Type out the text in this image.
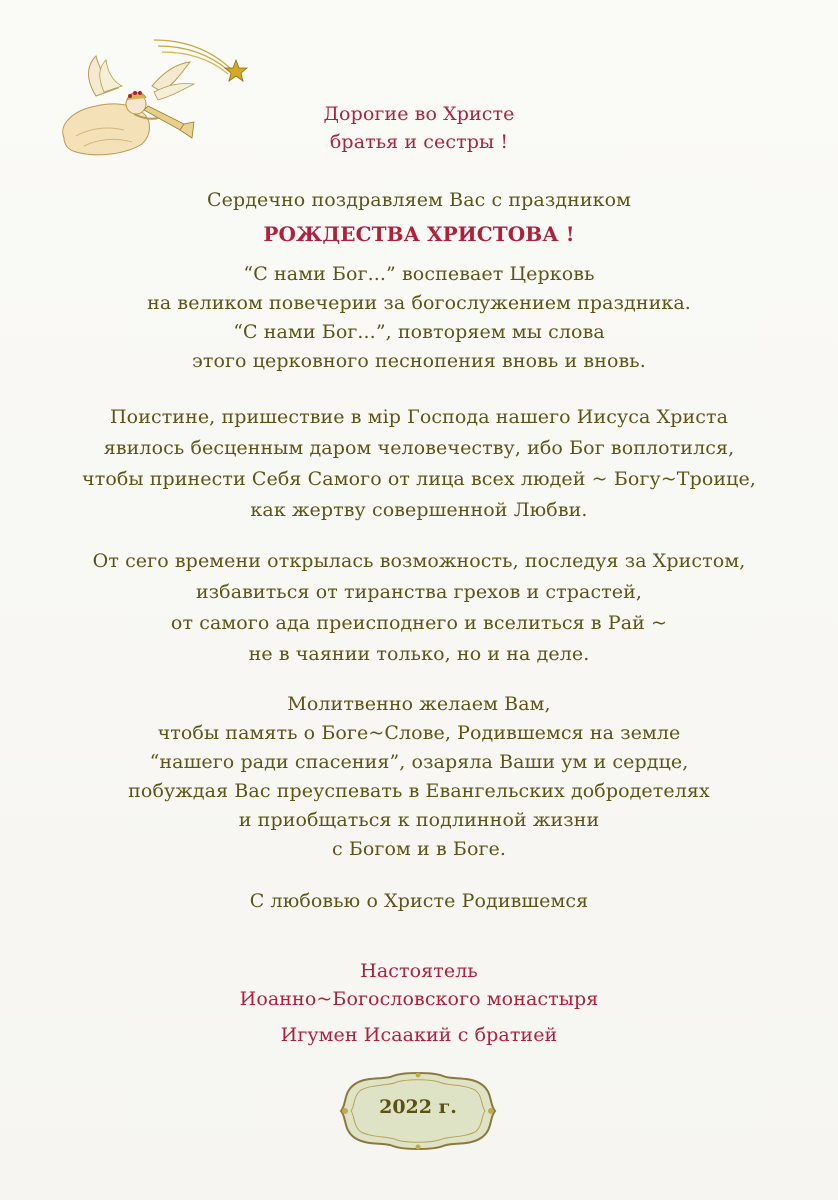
Дорогие во Христе
братья и сестры !
Сердечно поздравляем Вас с праздником
РОЖДЕСТВА ХРИСТОВА !
“С нами Бог...” воспевает Церковь
на великом повечерии за богослужением праздника.
“С нами Бог...”, повторяем мы слова
этого церковного песнопения вновь и вновь.
Поистине, пришествие в мір Господа нашего Иисуса Христа
явилось бесценным даром человечеству, ибо Бог воплотился,
чтобы принести Себя Самого от лица всех людей ~ Богу~Троице,
как жертву совершенной Любви.
От сего времени открылась возможность, последуя за Христом,
избавиться от тиранства грехов и страстей,
от самого ада преисподнего и вселиться в Рай ~
не в чаянии только, но и на деле.
Молитвенно желаем Вам,
чтобы память о Боге~Слове, Родившемся на земле
“нашего ради спасения”, озаряла Ваши ум и сердце,
побуждая Вас преуспевать в Евангельских добродетелях
и приобщаться к подлинной жизни
с Богом и в Боге.
С любовью о Христе Родившемся
Настоятель
Иоанно~Богословского монастыря
Игумен Исаакий с братией
2022 г.
